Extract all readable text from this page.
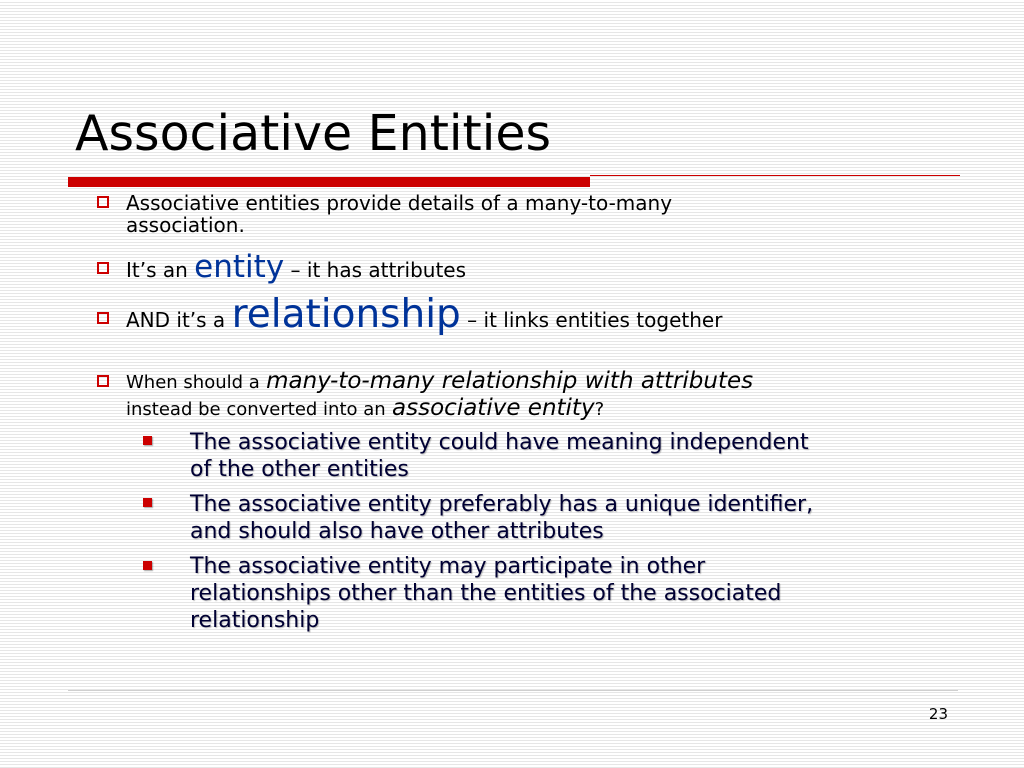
Associative Entities
Associative entities provide details of a many-to-many
association.
It’s an entity – it has attributes
AND it’s a relationship – it links entities together
When should a many-to-many relationship with attributes
instead be converted into an associative entity?
The associative entity could have meaning independent
of the other entities
The associative entity preferably has a unique identifier,
and should also have other attributes
The associative entity may participate in other
relationships other than the entities of the associated
relationship
23
